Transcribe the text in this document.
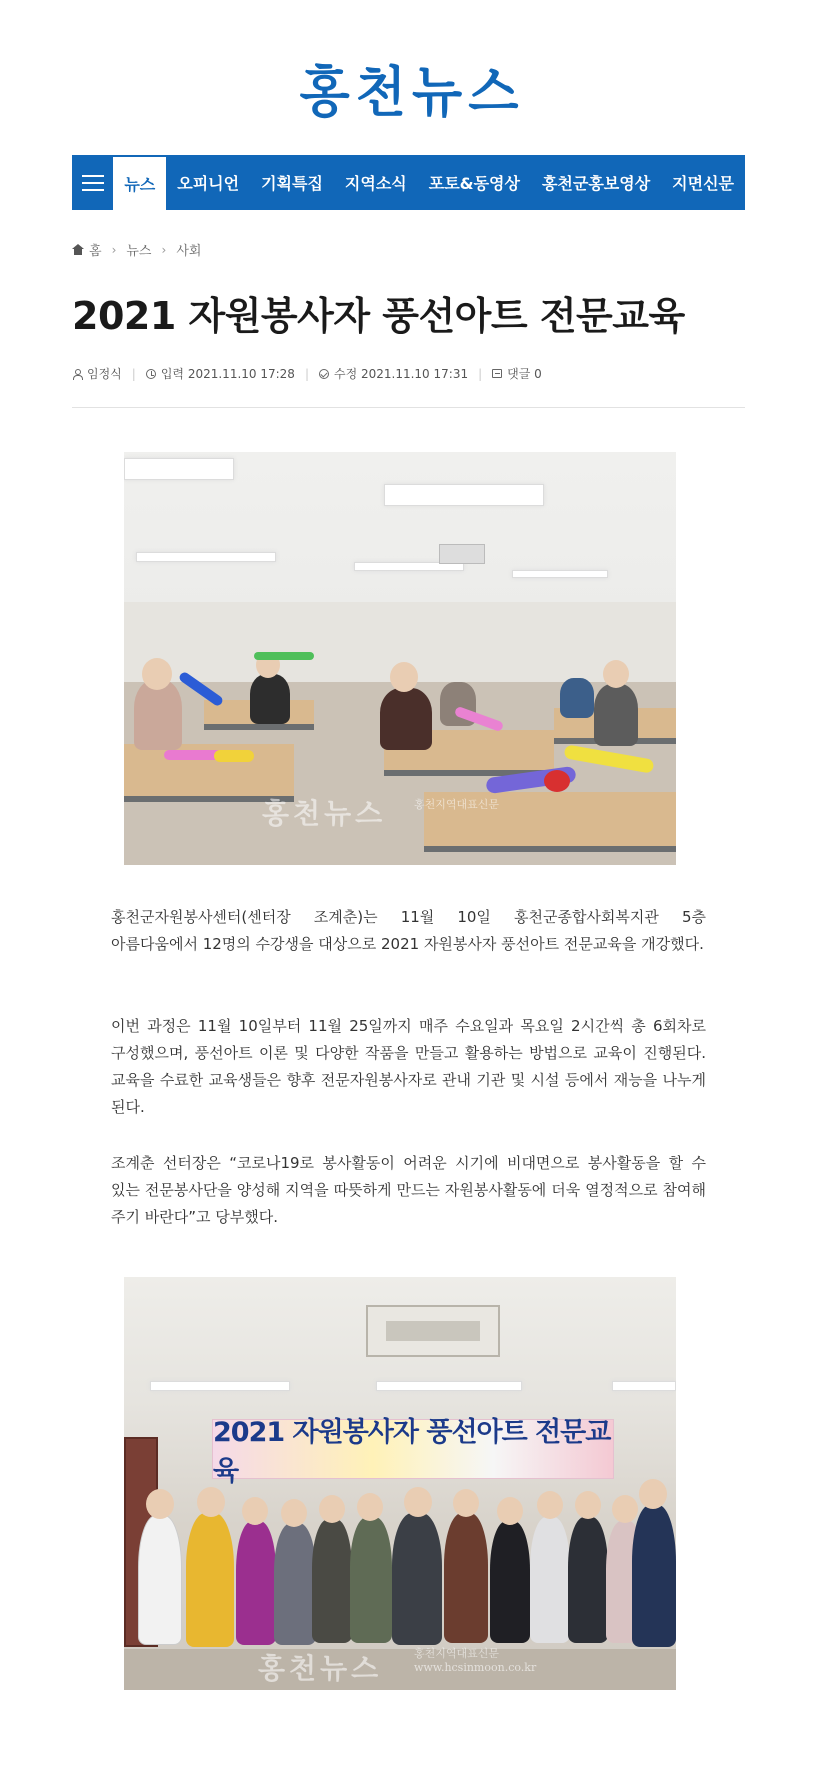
홍천뉴스
뉴스	오피니언	기획특집	지역소식	포토&동영상	홍천군홍보영상	지면신문
홈 › 뉴스 › 사회
2021 자원봉사자 풍선아트 전문교육
임정식 | 입력 2021.11.10 17:28 | 수정 2021.11.10 17:31 | 댓글 0
홍천뉴스	홍천지역대표신문

홍천군자원봉사센터(센터장 조계춘)는 11월 10일 홍천군종합사회복지관 5층 아름다움에서 12명의 수강생을 대상으로 2021 자원봉사자 풍선아트 전문교육을 개강했다.

이번 과정은 11월 10일부터 11월 25일까지 매주 수요일과 목요일 2시간씩 총 6회차로 구성했으며, 풍선아트 이론 및 다양한 작품을 만들고 활용하는 방법으로 교육이 진행된다. 교육을 수료한 교육생들은 향후 전문자원봉사자로 관내 기관 및 시설 등에서 재능을 나누게 된다.

조계춘 선터장은 “코로나19로 봉사활동이 어려운 시기에 비대면으로 봉사활동을 할 수 있는 전문봉사단을 양성해 지역을 따뜻하게 만드는 자원봉사활동에 더욱 열정적으로 참여해 주기 바란다”고 당부했다.

2021 자원봉사자 풍선아트 전문교육
홍천뉴스	홍천지역대표신문
www.hcsinmoon.co.kr
